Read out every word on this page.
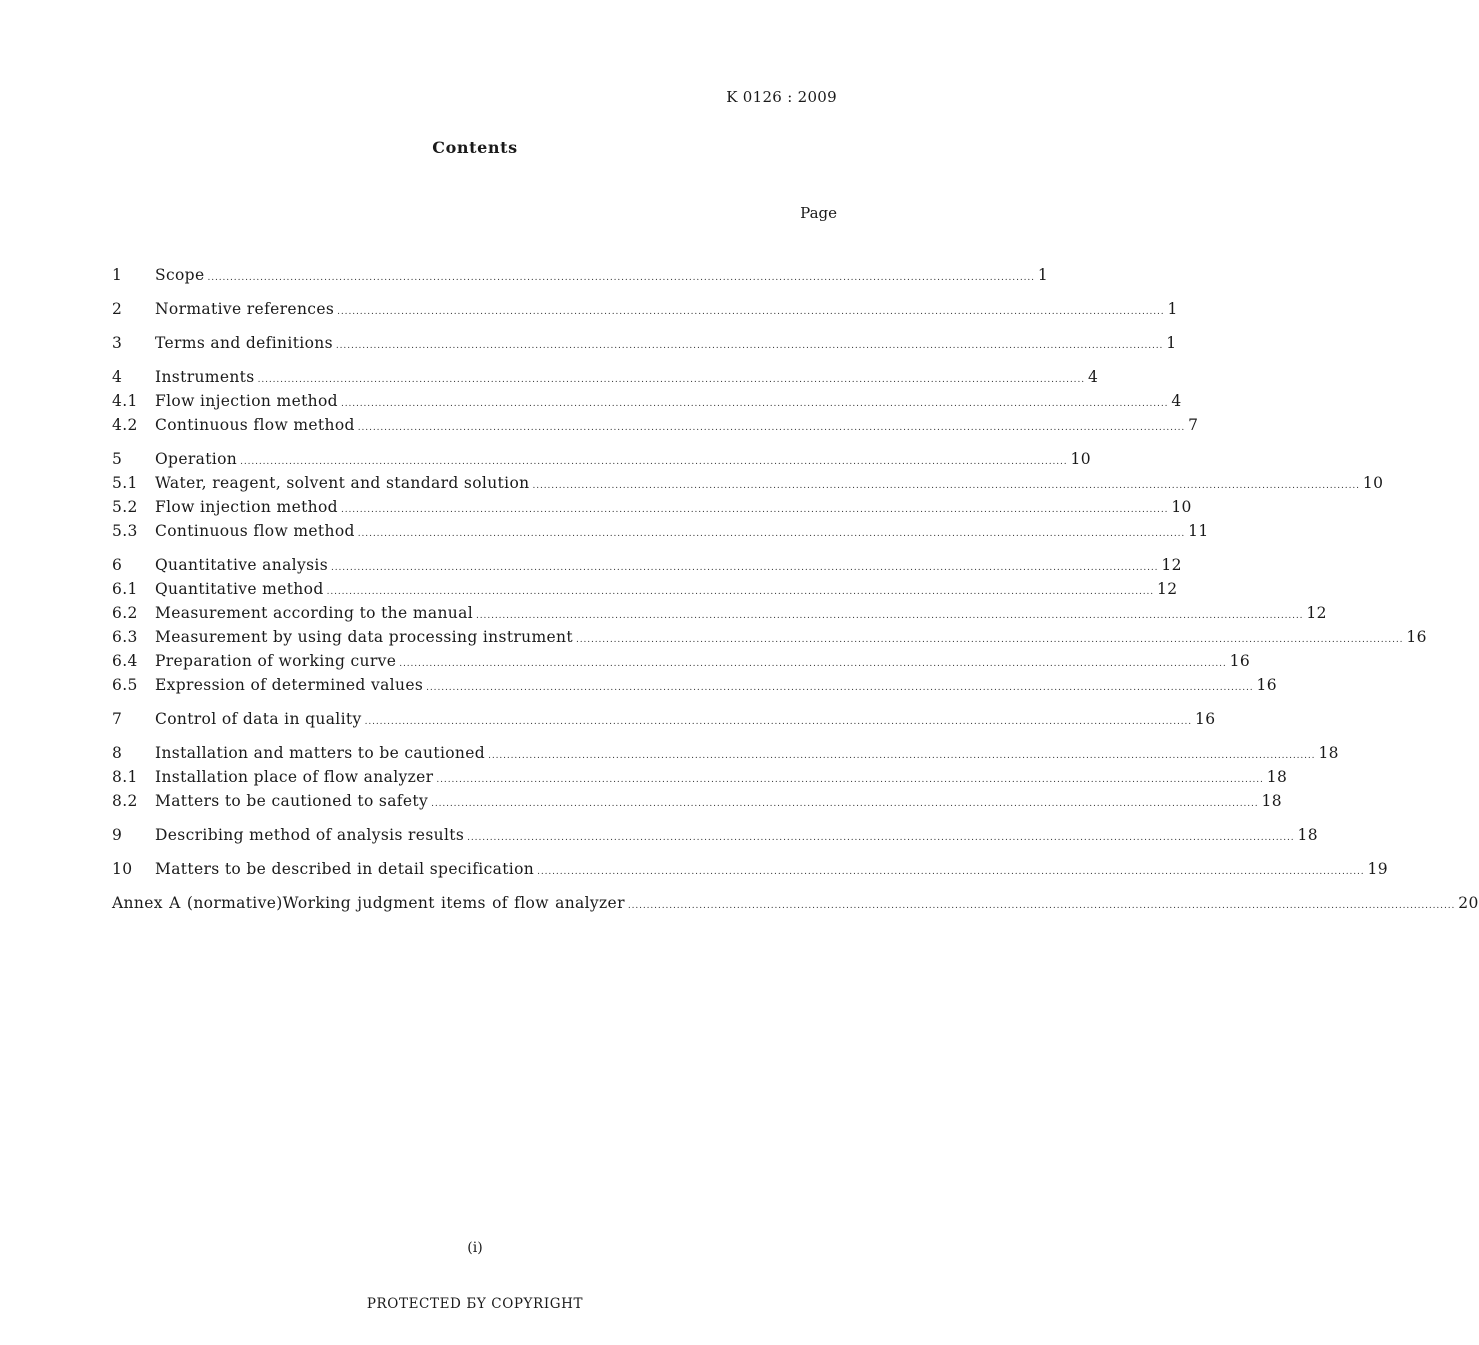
K 0126 : 2009
Contents
Page
1	Scope ............................................................................................................................................................................................................................ 1
2	Normative references ............................................................................................................................................................................................................................ 1
3	Terms and definitions ............................................................................................................................................................................................................................ 1
4	Instruments ............................................................................................................................................................................................................................ 4
4.1	Flow injection method ............................................................................................................................................................................................................................ 4
4.2	Continuous flow method ............................................................................................................................................................................................................................ 7
5	Operation ............................................................................................................................................................................................................................ 10
5.1	Water, reagent, solvent and standard solution ............................................................................................................................................................................................................................ 10
5.2	Flow injection method ............................................................................................................................................................................................................................ 10
5.3	Continuous flow method ............................................................................................................................................................................................................................ 11
6	Quantitative analysis ............................................................................................................................................................................................................................ 12
6.1	Quantitative method ............................................................................................................................................................................................................................ 12
6.2	Measurement according to the manual ............................................................................................................................................................................................................................ 12
6.3	Measurement by using data processing instrument ............................................................................................................................................................................................................................ 16
6.4	Preparation of working curve ............................................................................................................................................................................................................................ 16
6.5	Expression of determined values ............................................................................................................................................................................................................................ 16
7	Control of data in quality ............................................................................................................................................................................................................................ 16
8	Installation and matters to be cautioned ............................................................................................................................................................................................................................ 18
8.1	Installation place of flow analyzer ............................................................................................................................................................................................................................ 18
8.2	Matters to be cautioned to safety ............................................................................................................................................................................................................................ 18
9	Describing method of analysis results ............................................................................................................................................................................................................................ 18
10	Matters to be described in detail specification ............................................................................................................................................................................................................................ 19
Annex A (normative) Working judgment items of flow analyzer ............................................................................................................................................................................................................................ 20
(i)
PROTECTED БY COPYRIGHT
